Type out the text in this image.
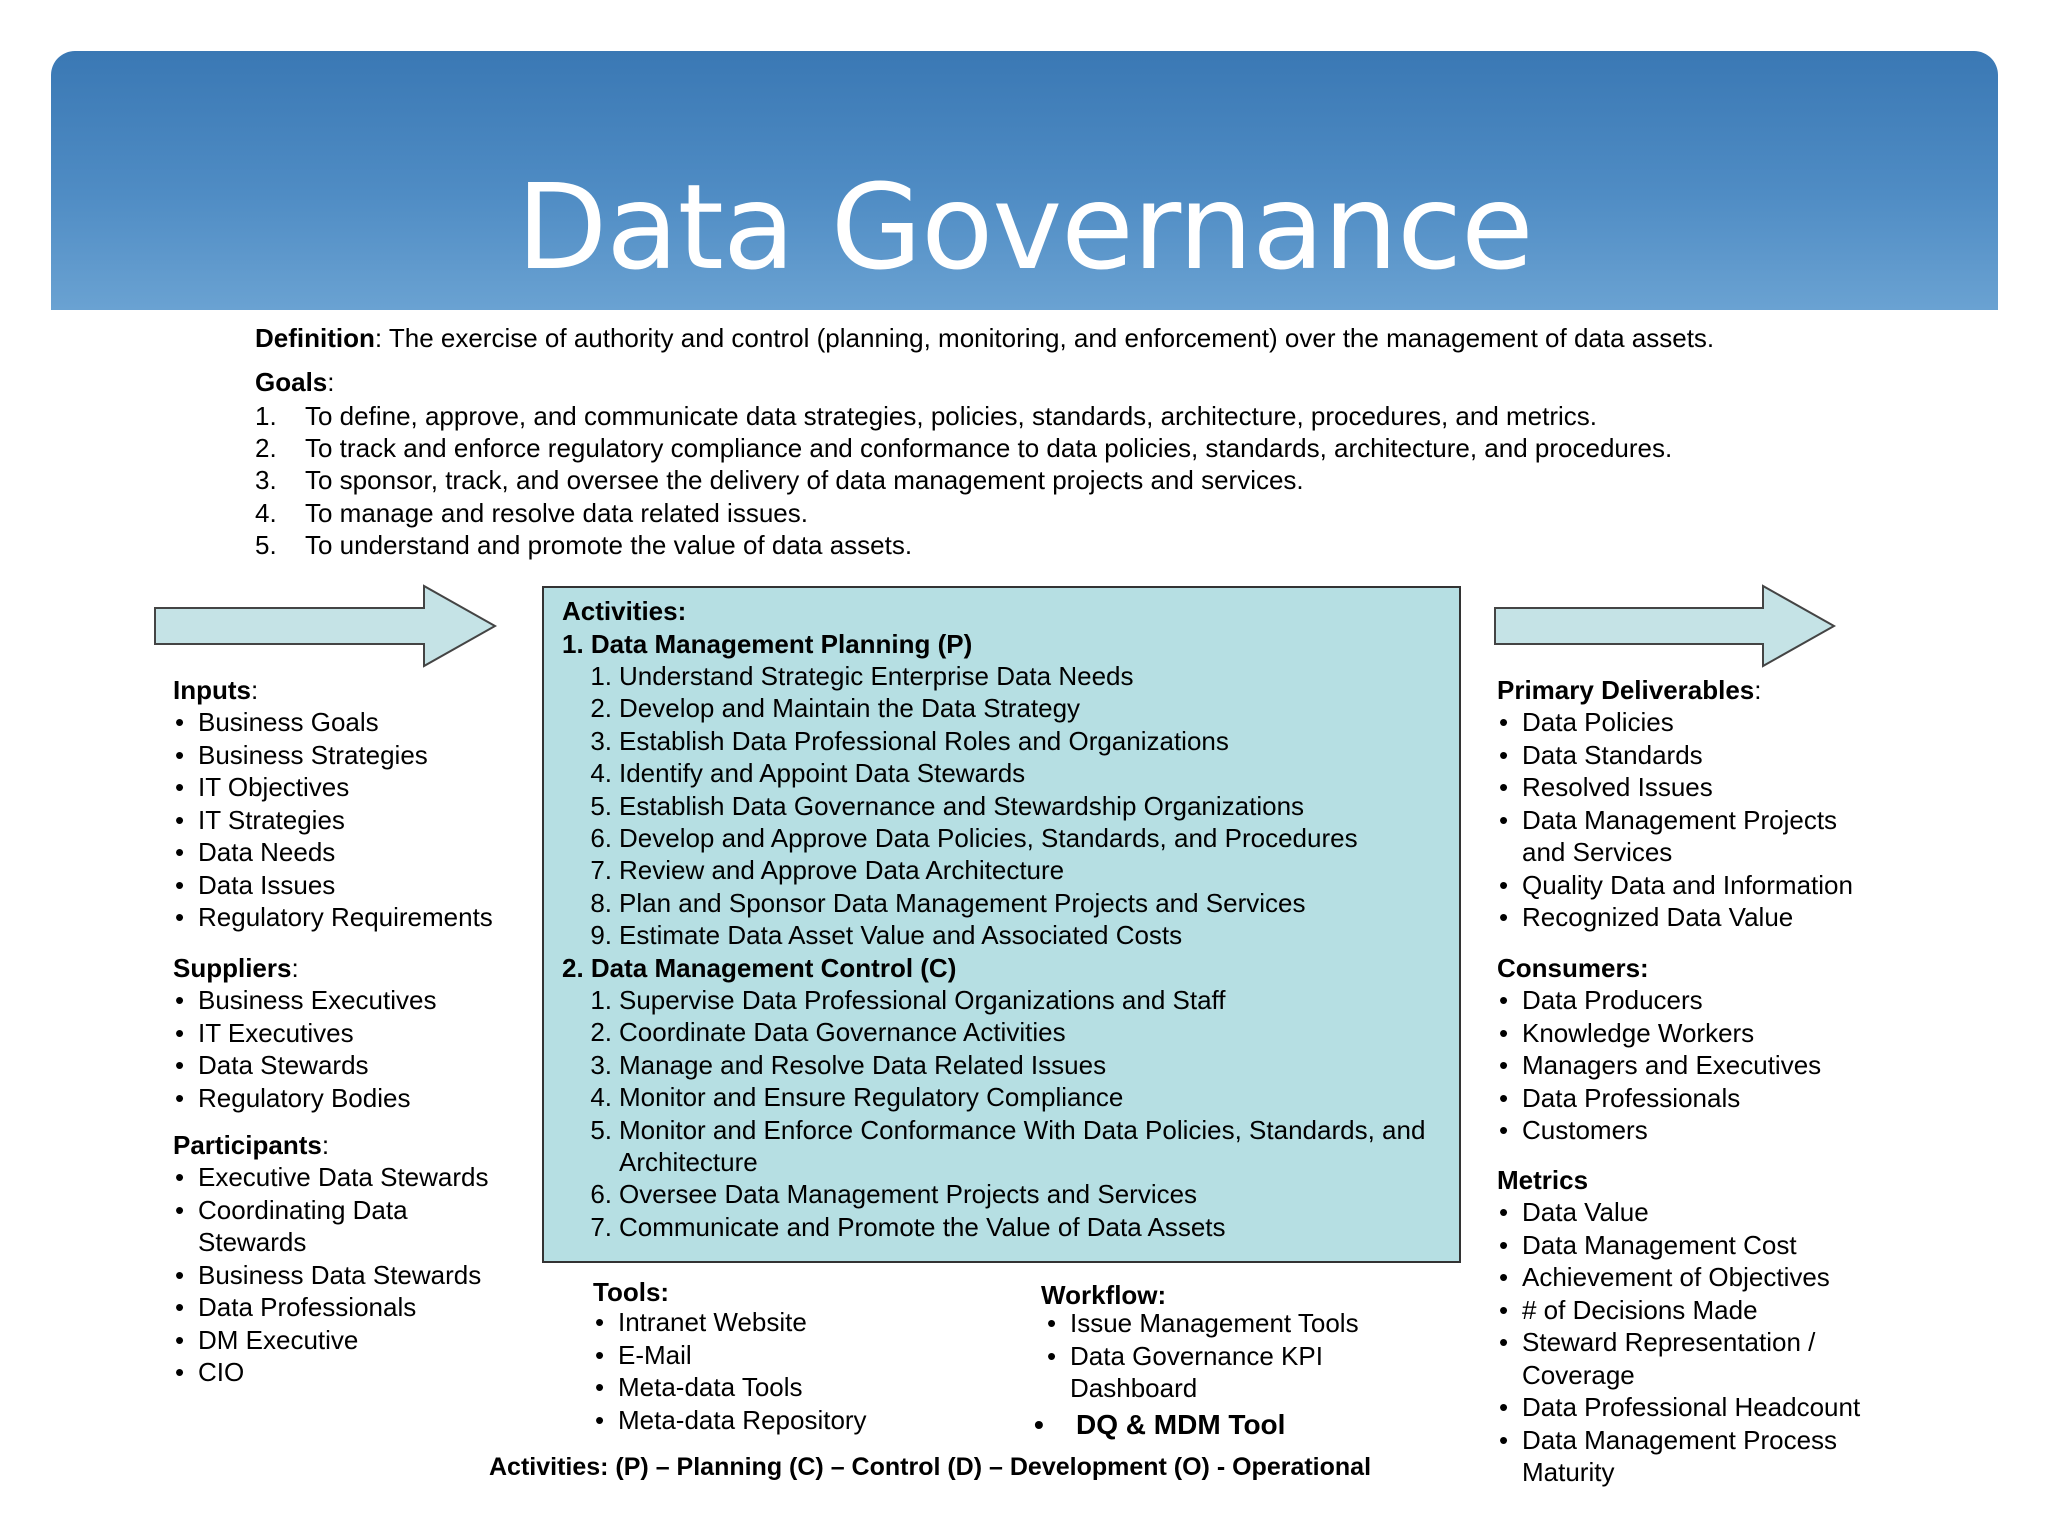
Data Governance
Definition: The exercise of authority and control (planning, monitoring, and enforcement) over the management of data assets.
Goals:
1. To define, approve, and communicate data strategies, policies, standards, architecture, procedures, and metrics.
2. To track and enforce regulatory compliance and conformance to data policies, standards, architecture, and procedures.
3. To sponsor, track, and oversee the delivery of data management projects and services.
4. To manage and resolve data related issues.
5. To understand and promote the value of data assets.
Inputs:
• Business Goals
• Business Strategies
• IT Objectives
• IT Strategies
• Data Needs
• Data Issues
• Regulatory Requirements
Suppliers:
• Business Executives
• IT Executives
• Data Stewards
• Regulatory Bodies
Participants:
• Executive Data Stewards
• Coordinating Data Stewards
• Business Data Stewards
• Data Professionals
• DM Executive
• CIO
Activities:
1. Data Management Planning (P)
1. Understand Strategic Enterprise Data Needs
2. Develop and Maintain the Data Strategy
3. Establish Data Professional Roles and Organizations
4. Identify and Appoint Data Stewards
5. Establish Data Governance and Stewardship Organizations
6. Develop and Approve Data Policies, Standards, and Procedures
7. Review and Approve Data Architecture
8. Plan and Sponsor Data Management Projects and Services
9. Estimate Data Asset Value and Associated Costs
2. Data Management Control (C)
1. Supervise Data Professional Organizations and Staff
2. Coordinate Data Governance Activities
3. Manage and Resolve Data Related Issues
4. Monitor and Ensure Regulatory Compliance
5. Monitor and Enforce Conformance With Data Policies, Standards, and Architecture
6. Oversee Data Management Projects and Services
7. Communicate and Promote the Value of Data Assets
Primary Deliverables:
• Data Policies
• Data Standards
• Resolved Issues
• Data Management Projects and Services
• Quality Data and Information
• Recognized Data Value
Consumers:
• Data Producers
• Knowledge Workers
• Managers and Executives
• Data Professionals
• Customers
Metrics
• Data Value
• Data Management Cost
• Achievement of Objectives
• # of Decisions Made
• Steward Representation / Coverage
• Data Professional Headcount
• Data Management Process Maturity
Tools:
• Intranet Website
• E-Mail
• Meta-data Tools
• Meta-data Repository
Workflow:
• Issue Management Tools
• Data Governance KPI Dashboard
• DQ & MDM Tool
Activities: (P) – Planning (C) – Control (D) – Development (O) - Operational
